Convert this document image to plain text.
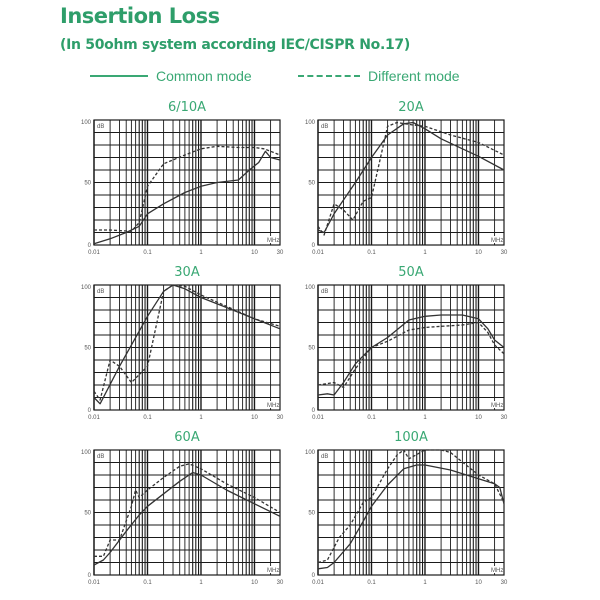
Insertion Loss
(In 50ohm system according IEC/CISPR No.17)
Common mode	Different mode
6/10A
dB
MHz
0
50
100
0.01	0.1	1	10	30
20A
dB
MHz
0
50
100
0.01	0.1	1	10	30
30A
dB
MHz
0
50
100
0.01	0.1	1	10	30
50A
dB
MHz
0
50
100
0.01	0.1	1	10	30
60A
dB
MHz
0
50
100
0.01	0.1	1	10	30
100A
dB
MHz
0
50
100
0.01	0.1	1	10	30
